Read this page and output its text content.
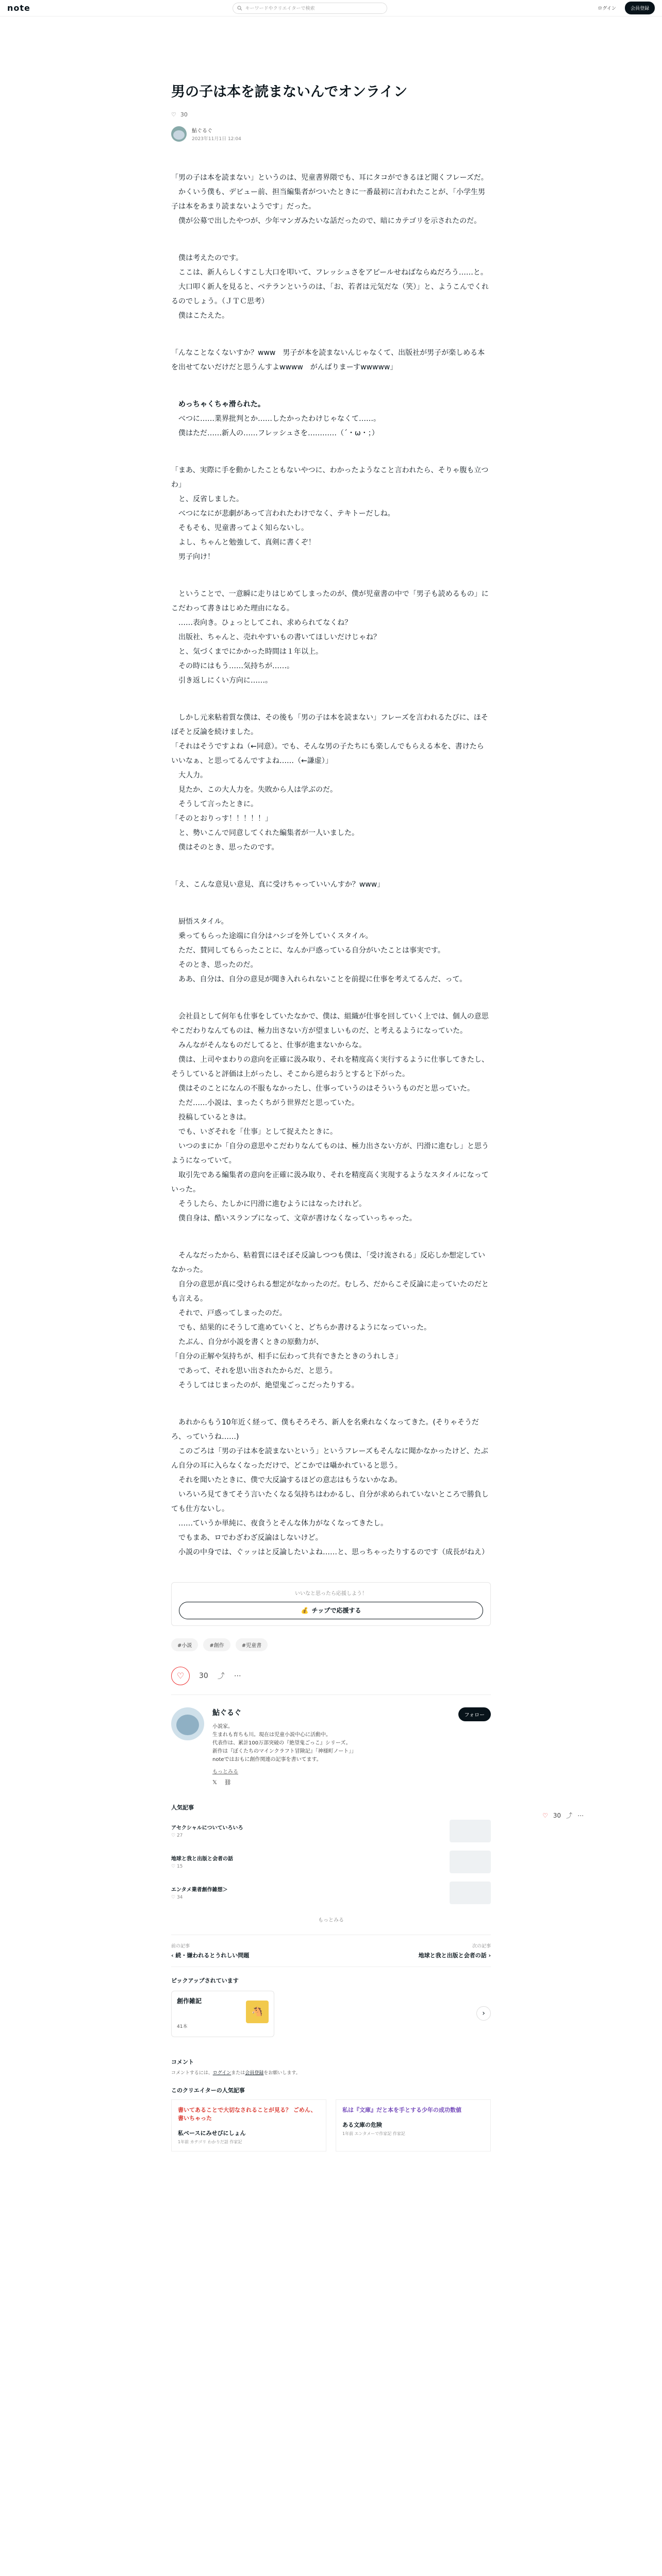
note	キーワードやクリエイターで検索	ログイン	会員登録
男の子は本を読まないんでオンライン
♡ 30
鮎ぐるぐ
2023年11月1日 12:04

「男の子は本を読まない」というのは、児童書界隈でも、耳にタコができるほど聞くフレーズだ。

　かくいう僕も、デビュー前、担当編集者がついたときに一番最初に言われたことが、「小学生男子は本をあまり読まないようです」だった。

　僕が公募で出したやつが、少年マンガみたいな話だったので、暗にカテゴリを示されたのだ。

　僕は考えたのです。

　ここは、新人らしくすこし大口を叩いて、フレッシュさをアピールせねばならぬだろう……と。

　大口叩く新人を見ると、ベテランというのは、「お、若者は元気だな（笑）」と、ようこんでくれるのでしょう。（ＪＴＣ思考）

　僕はこたえた。

「んなことなくないすか？www　男子が本を読まないんじゃなくて、出版社が男子が楽しめる本を出せてないだけだと思うんすよwwww　がんばりまーすwwwww」

　めっちゃくちゃ滑られた。

　べつに……業界批判とか……したかったわけじゃなくて……。

　僕はただ……新人の……フレッシュさを…………（´・ω・；）

「まあ、実際に手を動かしたこともないやつに、わかったようなこと言われたら、そりゃ腹も立つわ」

　と、反省しました。

　べつになにが悲劇があって言われたわけでなく、テキトーだしね。

　そもそも、児童書ってよく知らないし。

　よし、ちゃんと勉強して、真剣に書くぞ！

　男子向け！

　ということで、一意瞬に走りはじめてしまったのが、僕が児童書の中で「男子も読めるもの」にこだわって書きはじめた理由になる。

　……表向き。ひょっとしてこれ、求められてなくね？

　出版社、ちゃんと、売れやすいもの書いてほしいだけじゃね？

　と、気づくまでにかかった時間は１年以上。

　その時にはもう……気持ちが……。

　引き返しにくい方向に……。

　しかし元来粘着質な僕は、その後も「男の子は本を読まない」フレーズを言われるたびに、ほそぼそと反論を続けました。

「それはそうですよね（←同意）。でも、そんな男の子たちにも楽しんでもらえる本を、書けたらいいなぁ、と思ってるんですよね……（←謙虚）」

　大人力。

　見たか、この大人力を。失敗から人は学ぶのだ。

　そうして言ったときに。

「そのとおりっす！！！！！」

　と、勢いこんで同意してくれた編集者が一人いました。

　僕はそのとき、思ったのです。

「え、こんな意見い意見、真に受けちゃっていいんすか？www」

　厨悟スタイル。

　乗ってもらった途端に自分はハシゴを外していくスタイル。

　ただ、賛同してもらったことに、なんか戸惑っている自分がいたことは事実です。

　そのとき、思ったのだ。

　ああ、自分は、自分の意見が聞き入れられないことを前提に仕事を考えてるんだ、って。

　会社員として何年も仕事をしていたなかで、僕は、組織が仕事を回していく上では、個人の意思やこだわりなんてものは、極力出さない方が望ましいものだ、と考えるようになっていた。

　みんながそんなものだしてると、仕事が進まないからな。

　僕は、上司やまわりの意向を正確に汲み取り、それを精度高く実行するように仕事してきたし、そうしていると評価は上がったし、そこから逆らおうとすると下がった。

　僕はそのことになんの不服もなかったし、仕事っていうのはそういうものだと思っていた。

　ただ……小説は、まったくちがう世界だと思っていた。

　投稿しているときは。

　でも、いざそれを「仕事」として捉えたときに。

　いつのまにか「自分の意思やこだわりなんてものは、極力出さない方が、円滑に進むし」と思うようになっていて。

　取引先である編集者の意向を正確に汲み取り、それを精度高く実現するようなスタイルになっていった。

　そうしたら、たしかに円滑に進むようにはなったけれど。

　僕自身は、酷いスランプになって、文章が書けなくなっていっちゃった。

　そんなだったから、粘着質にほそぼそ反論しつつも僕は、「受け流される」反応しか想定していなかった。

　自分の意思が真に受けられる想定がなかったのだ。むしろ、だからこそ反論に走っていたのだとも言える。

　それで、戸惑ってしまったのだ。

　でも、結果的にそうして進めていくと、どちらか書けるようになっていった。

　たぶん、自分が小説を書くときの原動力が、

「自分の正解や気持ちが、相手に伝わって共有できたときのうれしさ」

　であって、それを思い出されたからだ、と思う。

　そうしてはじまったのが、絶望鬼ごっこだったりする。

　あれからもう10年近く経って、僕もそろそろ、新人を名乗れなくなってきた。(そりゃそうだろ、っていうね……)

　このごろは「男の子は本を読まないという」というフレーズもそんなに聞かなかったけど、たぶん自分の耳に入らなくなっただけで、どこかでは囁かれていると思う。

　それを聞いたときに、僕で大反論するほどの意志はもうないかなあ。

　いろいろ見てきてそう言いたくなる気持ちはわかるし、自分が求められていないところで勝負しても仕方ないし。

　……ていうか単純に、夜食うとそんな体力がなくなってきたし。

　でもまあ、ロでわざわざ反論はしないけど。

　小説の中身では、ぐッッはと反論したいよね……と、思っちゃったりするのです（成長がねえ）

いいなと思ったら応援しよう！
💰 チップで応援する
#小説	#創作	#児童書
♡ 30 ⤴ ⋯
鮎ぐるぐ
小説家。
生まれも育ちも川。現在は児童小説中心に活動中。
代表作は、累計100万部突破の『絶望鬼ごっこ』シリーズ。
新作は『ぼくたちのマインクラフト冒険記』「神様町ノート」」
noteではおもに創作関連の記事を書いてます。
もっとみる
𝕏 ⛓
フォロー
人気記事
アセクシャルについていろいろ
♡ 27
地球と我と出版と会者の話
♡ 15
エンタメ業者創作雑想＞
♡ 34
もっとみる
前の記事
‹ 続・嫌われるとうれしい問題
次の記事
地球と我と出版と会者の話 ›
ピックアップされています
創作雑記
41本
🐴	›
コメント
コメントするには、ログインまたは会員登録をお願いします。
このクリエイターの人気記事
書いてあることで大切なされることが見る？ ごめん、書いちゃった
私ベースにみせびにしょん
1年前 カテゴリ わかりだ話 作家記
私は『文庫』だと本を手とする少年の成功数値
ある文庫の危険
1年前 エンタメーで作家記 作家記
♡ 30 ⤴ ⋯
